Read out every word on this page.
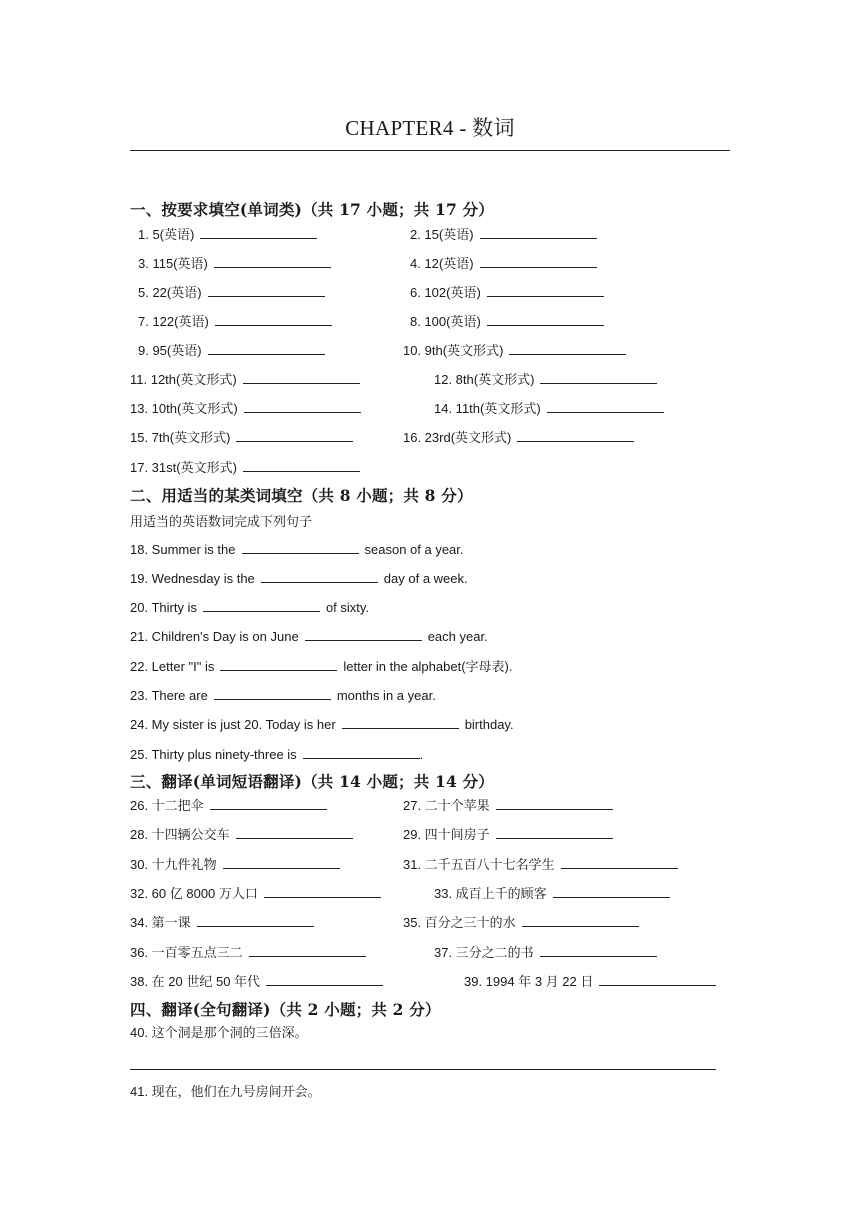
CHAPTER4 - 数词
一、按要求填空(单词类)（共 17 小题；共 17 分）
1. 5(英语)	2. 15(英语)
3. 115(英语)	4. 12(英语)
5. 22(英语)	6. 102(英语)
7. 122(英语)	8. 100(英语)
9. 95(英语)	10. 9th(英文形式)
11. 12th(英文形式)	12. 8th(英文形式)
13. 10th(英文形式)	14. 11th(英文形式)
15. 7th(英文形式)	16. 23rd(英文形式)
17. 31st(英文形式)
二、用适当的某类词填空（共 8 小题；共 8 分）
用适当的英语数词完成下列句子
18. Summer is the	season of a year.
19. Wednesday is the	day of a week.
20. Thirty is	of sixty.
21. Children's Day is on June	each year.
22. Letter "I" is	letter in the alphabet(字母表).
23. There are	months in a year.
24. My sister is just 20. Today is her	birthday.
25. Thirty plus ninety-three is	.
三、翻译(单词短语翻译)（共 14 小题；共 14 分）
26. 十二把伞	27. 二十个苹果
28. 十四辆公交车	29. 四十间房子
30. 十九件礼物	31. 二千五百八十七名学生
32. 60 亿 8000 万人口	33. 成百上千的顾客
34. 第一课	35. 百分之三十的水
36. 一百零五点三二	37. 三分之二的书
38. 在 20 世纪 50 年代	39. 1994 年 3 月 22 日
四、翻译(全句翻译)（共 2 小题；共 2 分）
40. 这个洞是那个洞的三倍深。
41. 现在，他们在九号房间开会。
